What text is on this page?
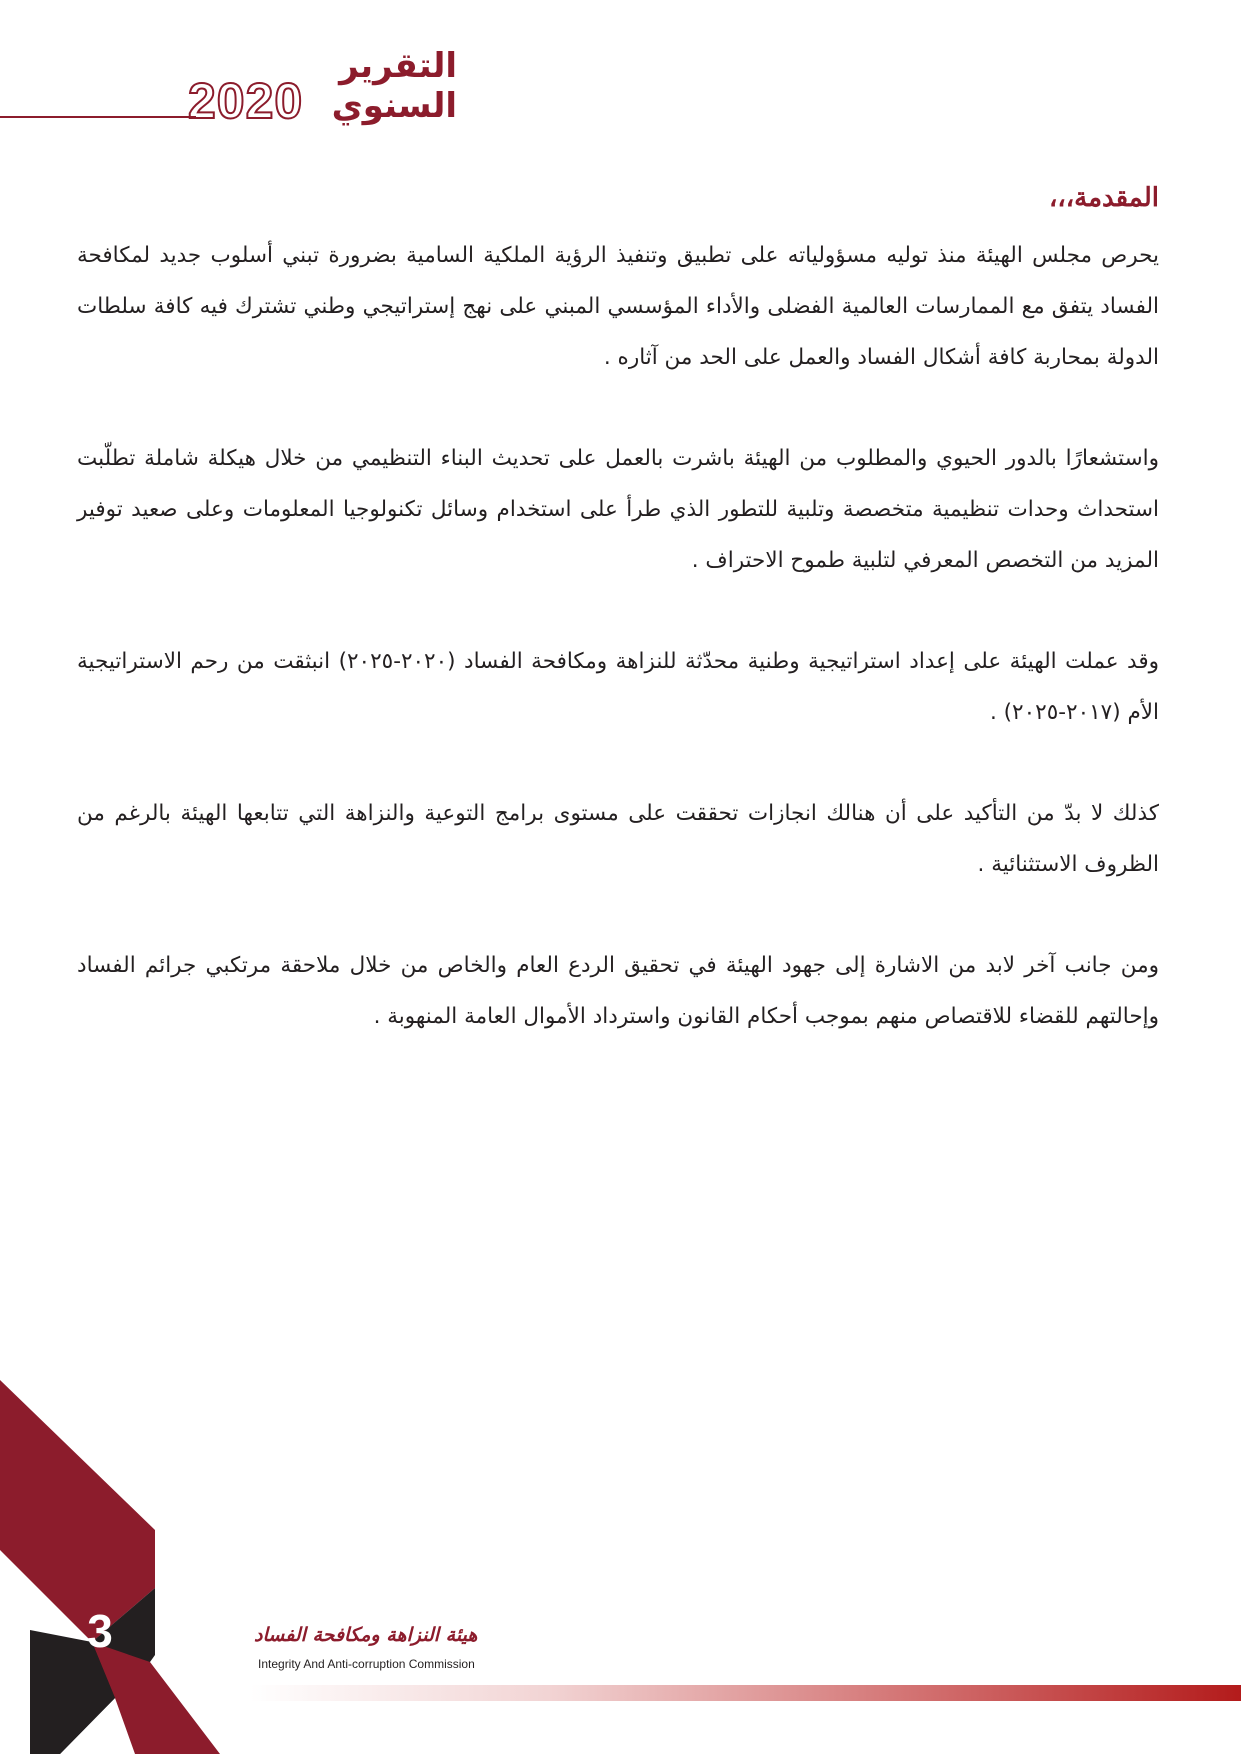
2020
التقرير
السنوي
المقدمة،،،

يحرص مجلس الهيئة منذ توليه مسؤولياته على تطبيق وتنفيذ الرؤية الملكية السامية بضرورة تبني أسلوب جديد لمكافحة الفساد يتفق مع الممارسات العالمية الفضلى والأداء المؤسسي المبني على نهج إستراتيجي وطني تشترك فيه كافة سلطات الدولة بمحاربة كافة أشكال الفساد والعمل على الحد من آثاره .

واستشعارًا بالدور الحيوي والمطلوب من الهيئة باشرت بالعمل على تحديث البناء التنظيمي من خلال هيكلة شاملة تطلّبت استحداث وحدات تنظيمية متخصصة وتلبية للتطور الذي طرأ على استخدام وسائل تكنولوجيا المعلومات وعلى صعيد توفير المزيد من التخصص المعرفي لتلبية طموح الاحتراف .

وقد عملت الهيئة على إعداد استراتيجية وطنية محدّثة للنزاهة ومكافحة الفساد (٢٠٢٠-٢٠٢٥) انبثقت من رحم الاستراتيجية الأم (٢٠١٧-٢٠٢٥) .

كذلك لا بدّ من التأكيد على أن هنالك انجازات تحققت على مستوى برامج التوعية والنزاهة التي تتابعها الهيئة بالرغم من الظروف الاستثنائية .

ومن جانب آخر لابد من الاشارة إلى جهود الهيئة في تحقيق الردع العام والخاص من خلال ملاحقة مرتكبي جرائم الفساد وإحالتهم للقضاء للاقتصاص منهم بموجب أحكام القانون واسترداد الأموال العامة المنهوبة .

3	هيئة النزاهة ومكافحة الفساد
Integrity And Anti-corruption Commission
